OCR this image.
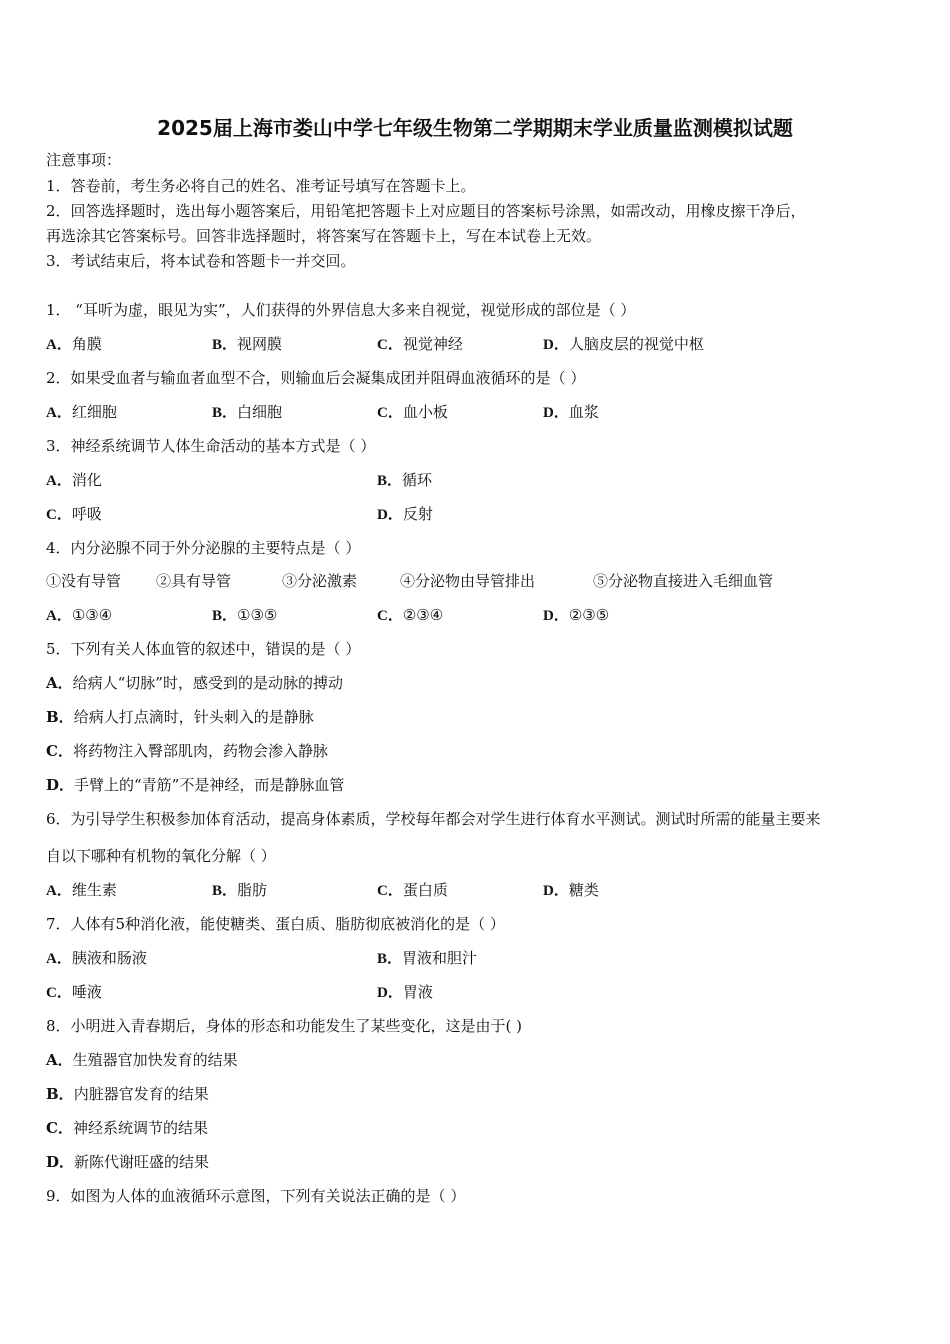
2025届上海市娄山中学七年级生物第二学期期末学业质量监测模拟试题
注意事项：
1．答卷前，考生务必将自己的姓名、准考证号填写在答题卡上。
2．回答选择题时，选出每小题答案后，用铅笔把答题卡上对应题目的答案标号涂黑，如需改动，用橡皮擦干净后，
再选涂其它答案标号。回答非选择题时，将答案写在答题卡上，写在本试卷上无效。
3．考试结束后，将本试卷和答题卡一并交回。
1． “耳听为虚，眼见为实”，人们获得的外界信息大多来自视觉，视觉形成的部位是（ ）
A．角膜	B．视网膜	C．视觉神经	D．人脑皮层的视觉中枢
2．如果受血者与输血者血型不合，则输血后会凝集成团并阻碍血液循环的是（ ）
A．红细胞	B．白细胞	C．血小板	D．血浆
3．神经系统调节人体生命活动的基本方式是（ ）
A．消化	B．循环
C．呼吸	D．反射
4．内分泌腺不同于外分泌腺的主要特点是（ ）
①没有导管 ②具有导管	③分泌激素	④分泌物由导管排出	⑤分泌物直接进入毛细血管
A．①③④	B．①③⑤	C．②③④	D．②③⑤
5．下列有关人体血管的叙述中，错误的是（ ）
A．给病人“切脉”时，感受到的是动脉的搏动
B．给病人打点滴时，针头刺入的是静脉
C．将药物注入臀部肌肉，药物会渗入静脉
D．手臂上的“青筋”不是神经，而是静脉血管
6．为引导学生积极参加体育活动，提高身体素质，学校每年都会对学生进行体育水平测试。测试时所需的能量主要来
自以下哪种有机物的氧化分解（ ）
A．维生素	B．脂肪	C．蛋白质	D．糖类
7．人体有5种消化液，能使糖类、蛋白质、脂肪彻底被消化的是（ ）
A．胰液和肠液	B．胃液和胆汁
C．唾液	D．胃液
8．小明进入青春期后，身体的形态和功能发生了某些变化，这是由于( )
A．生殖器官加快发育的结果
B．内脏器官发育的结果
C．神经系统调节的结果
D．新陈代谢旺盛的结果
9．如图为人体的血液循环示意图，下列有关说法正确的是（ ）
